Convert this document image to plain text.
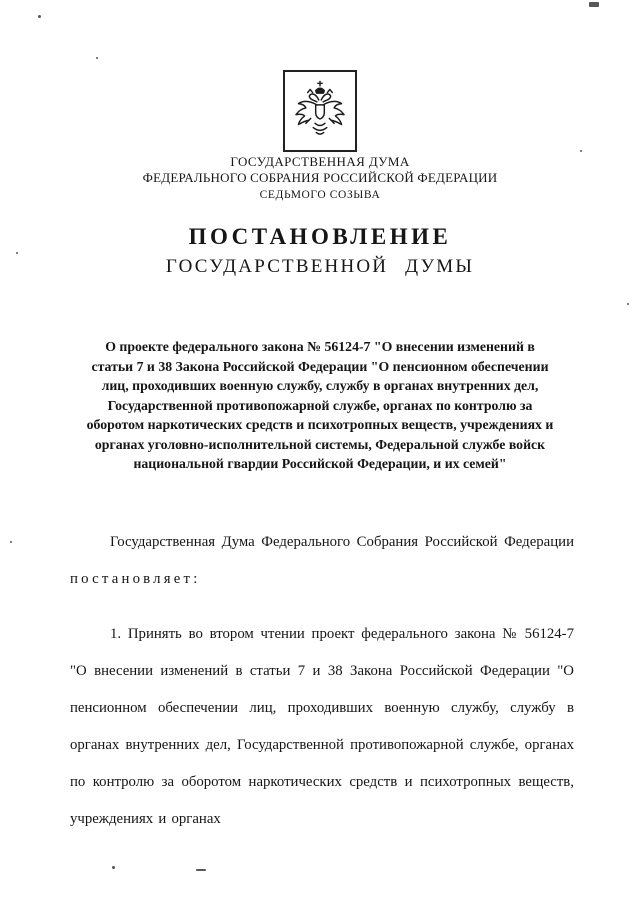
ГОСУДАРСТВЕННАЯ ДУМА
ФЕДЕРАЛЬНОГО СОБРАНИЯ РОССИЙСКОЙ ФЕДЕРАЦИИ
СЕДЬМОГО СОЗЫВА
ПОСТАНОВЛЕНИЕ
ГОСУДАРСТВЕННОЙ ДУМЫ

О проекте федерального закона № 56124-7 "О внесении изменений в статьи 7 и 38 Закона Российской Федерации "О пенсионном обеспечении лиц, проходивших военную службу, службу в органах внутренних дел, Государственной противопожарной службе, органах по контролю за оборотом наркотических средств и психотропных веществ, учреждениях и органах уголовно-исполнительной системы, Федеральной службе войск национальной гвардии Российской Федерации, и их семей"

Государственная Дума Федерального Собрания Российской Федерации постановляет:

1. Принять во втором чтении проект федерального закона № 56124-7 "О внесении изменений в статьи 7 и 38 Закона Российской Федерации "О пенсионном обеспечении лиц, проходивших военную службу, службу в органах внутренних дел, Государственной противопожарной службе, органах по контролю за оборотом наркотических средств и психотропных веществ, учреждениях и органах
